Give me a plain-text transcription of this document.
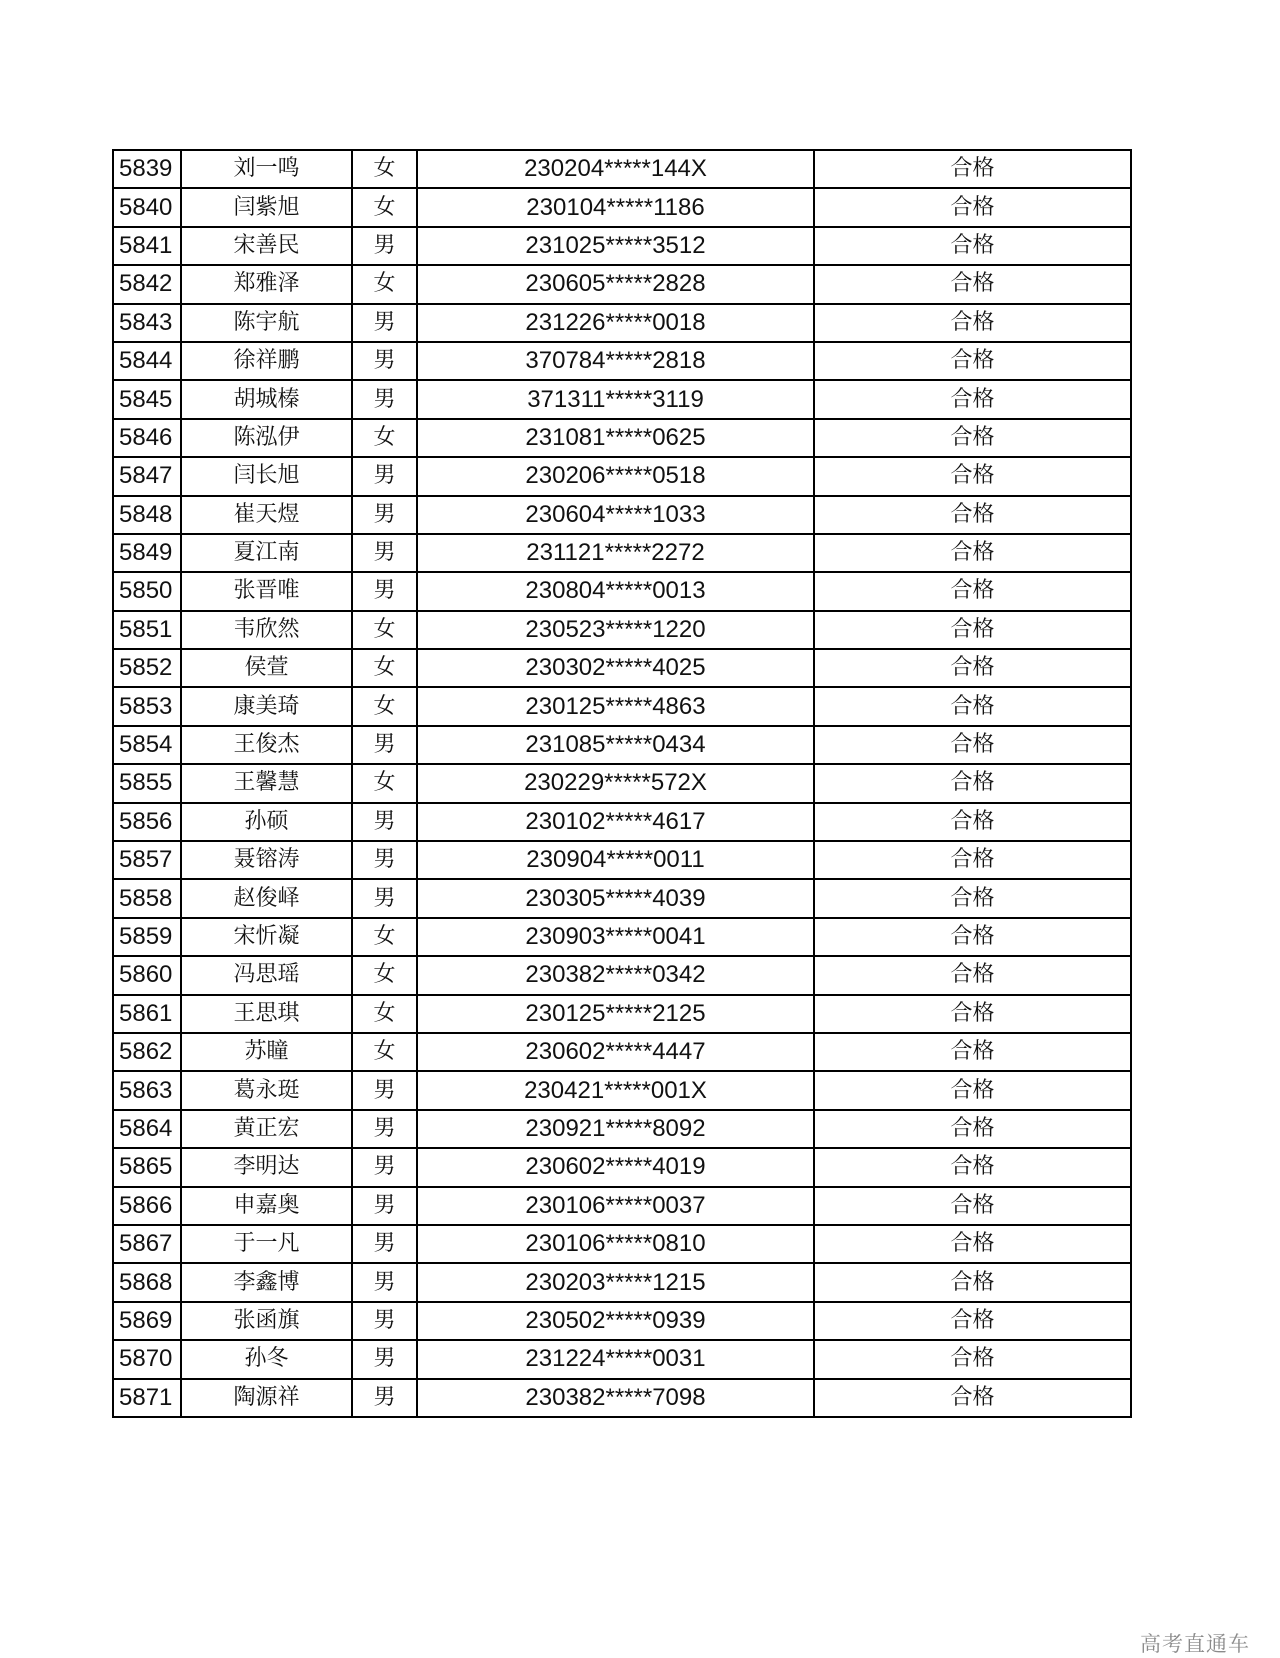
5839	刘一鸣	女	230204*****144X	合格
5840	闫紫旭	女	230104*****1186	合格
5841	宋善民	男	231025*****3512	合格
5842	郑雅泽	女	230605*****2828	合格
5843	陈宇航	男	231226*****0018	合格
5844	徐祥鹏	男	370784*****2818	合格
5845	胡城榛	男	371311*****3119	合格
5846	陈泓伊	女	231081*****0625	合格
5847	闫长旭	男	230206*****0518	合格
5848	崔天煜	男	230604*****1033	合格
5849	夏江南	男	231121*****2272	合格
5850	张晋唯	男	230804*****0013	合格
5851	韦欣然	女	230523*****1220	合格
5852	侯萱	女	230302*****4025	合格
5853	康美琦	女	230125*****4863	合格
5854	王俊杰	男	231085*****0434	合格
5855	王馨慧	女	230229*****572X	合格
5856	孙硕	男	230102*****4617	合格
5857	聂镕涛	男	230904*****0011	合格
5858	赵俊峄	男	230305*****4039	合格
5859	宋忻凝	女	230903*****0041	合格
5860	冯思瑶	女	230382*****0342	合格
5861	王思琪	女	230125*****2125	合格
5862	苏瞳	女	230602*****4447	合格
5863	葛永珽	男	230421*****001X	合格
5864	黄正宏	男	230921*****8092	合格
5865	李明达	男	230602*****4019	合格
5866	申嘉奥	男	230106*****0037	合格
5867	于一凡	男	230106*****0810	合格
5868	李鑫博	男	230203*****1215	合格
5869	张函旗	男	230502*****0939	合格
5870	孙冬	男	231224*****0031	合格
5871	陶源祥	男	230382*****7098	合格
高考直通车
